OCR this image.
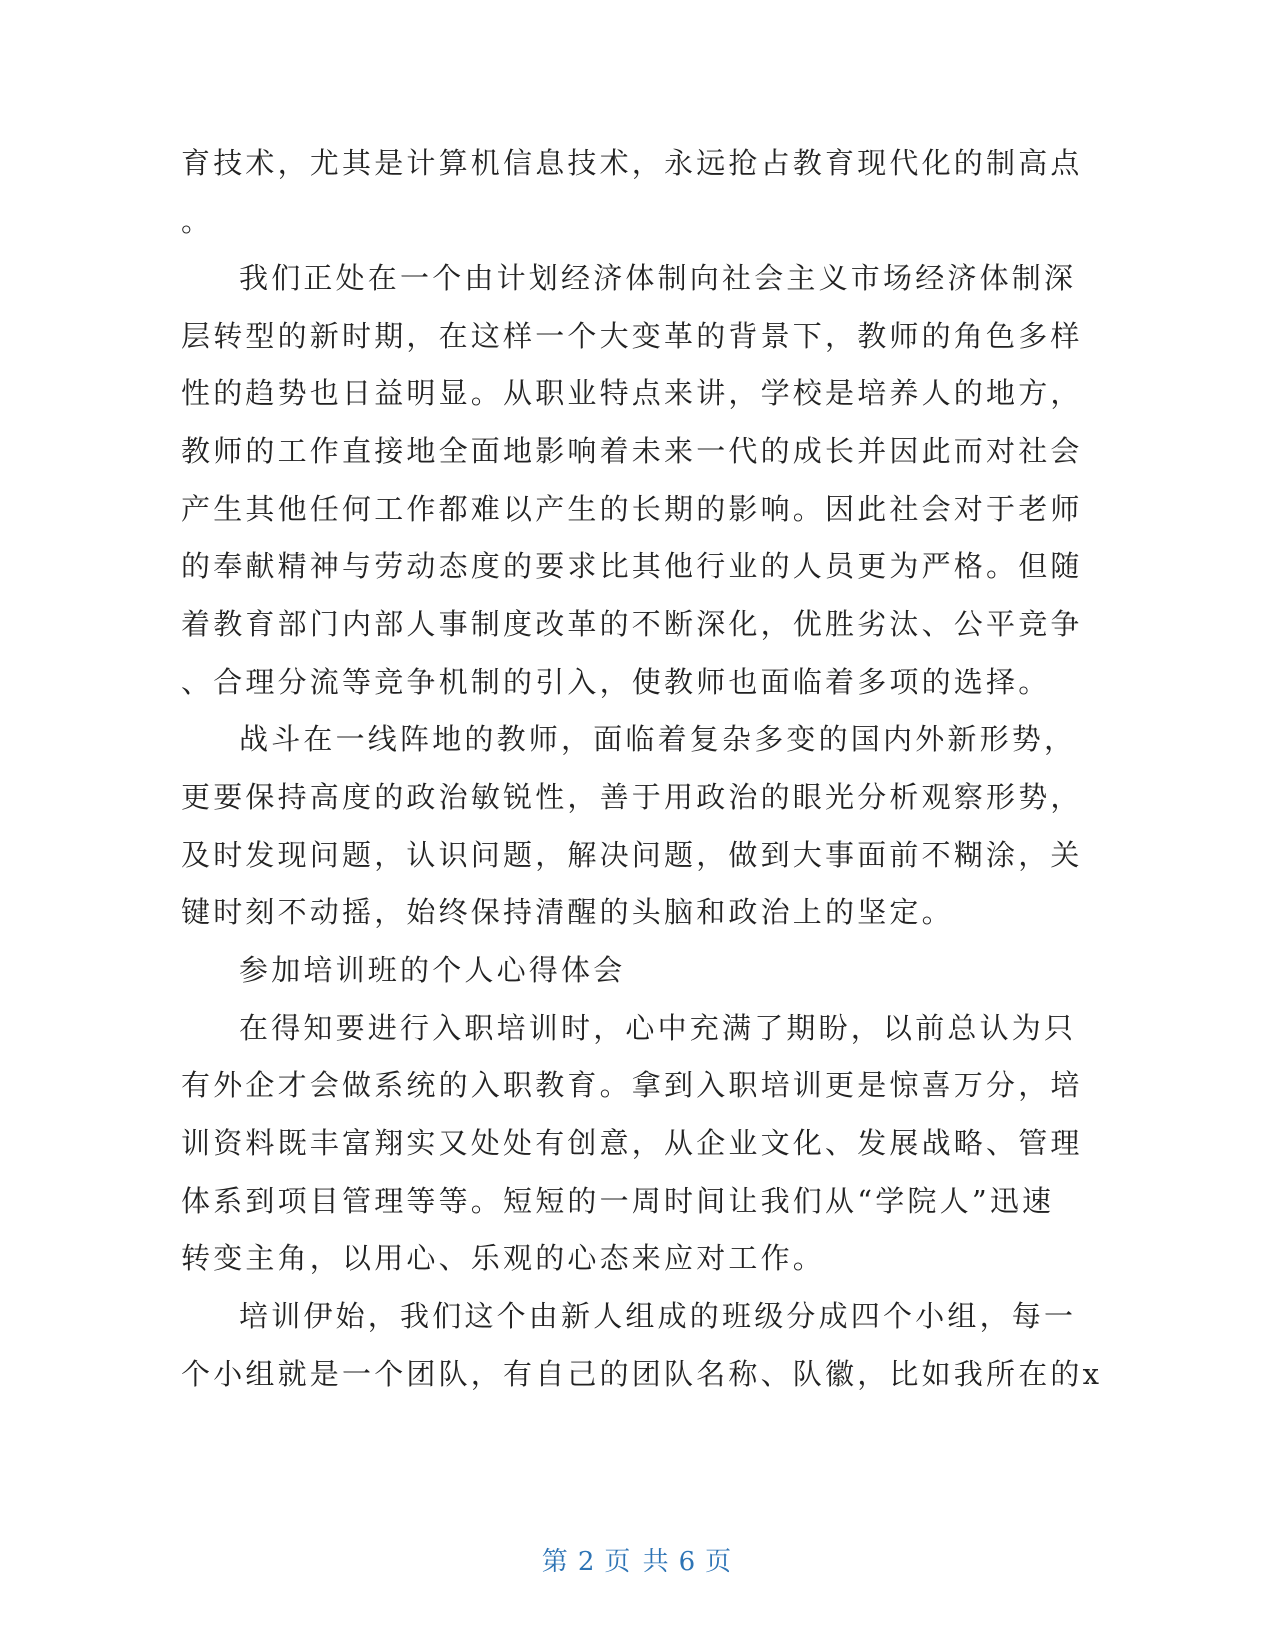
育技术，尤其是计算机信息技术，永远抢占教育现代化的制高点
。
我们正处在一个由计划经济体制向社会主义市场经济体制深
层转型的新时期，在这样一个大变革的背景下，教师的角色多样
性的趋势也日益明显。从职业特点来讲，学校是培养人的地方，
教师的工作直接地全面地影响着未来一代的成长并因此而对社会
产生其他任何工作都难以产生的长期的影响。因此社会对于老师
的奉献精神与劳动态度的要求比其他行业的人员更为严格。但随
着教育部门内部人事制度改革的不断深化，优胜劣汰、公平竞争
、合理分流等竞争机制的引入，使教师也面临着多项的选择。
战斗在一线阵地的教师，面临着复杂多变的国内外新形势，
更要保持高度的政治敏锐性，善于用政治的眼光分析观察形势，
及时发现问题，认识问题，解决问题，做到大事面前不糊涂，关
键时刻不动摇，始终保持清醒的头脑和政治上的坚定。
参加培训班的个人心得体会
在得知要进行入职培训时，心中充满了期盼，以前总认为只
有外企才会做系统的入职教育。拿到入职培训更是惊喜万分，培
训资料既丰富翔实又处处有创意，从企业文化、发展战略、管理
体系到项目管理等等。短短的一周时间让我们从“学院人”迅速
转变主角，以用心、乐观的心态来应对工作。
培训伊始，我们这个由新人组成的班级分成四个小组，每一
个小组就是一个团队，有自己的团队名称、队徽，比如我所在的x
第 2 页 共 6 页
